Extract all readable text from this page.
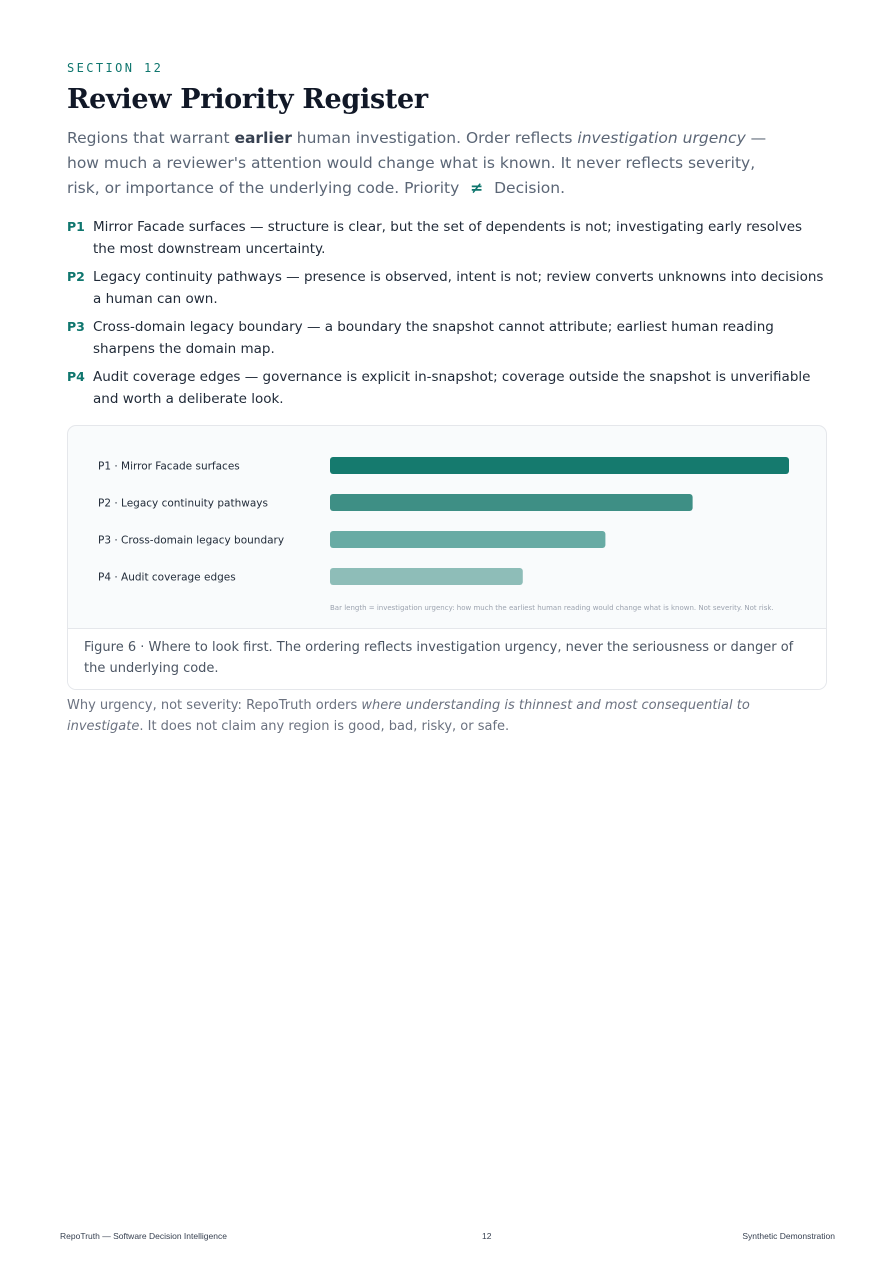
SECTION 12
Review Priority Register

Regions that warrant earlier human investigation. Order reflects investigation urgency — how much a reviewer's attention would change what is known. It never reflects severity, risk, or importance of the underlying code. Priority ≠ Decision.

P1 Mirror Facade surfaces — structure is clear, but the set of dependents is not; investigating early resolves the most downstream uncertainty.
P2 Legacy continuity pathways — presence is observed, intent is not; review converts unknowns into decisions a human can own.
P3 Cross-domain legacy boundary — a boundary the snapshot cannot attribute; earliest human reading sharpens the domain map.
P4 Audit coverage edges — governance is explicit in-snapshot; coverage outside the snapshot is unverifiable and worth a deliberate look.
P1 · Mirror Facade surfaces
P2 · Legacy continuity pathways
P3 · Cross-domain legacy boundary
P4 · Audit coverage edges
Bar length = investigation urgency: how much the earliest human reading would change what is known. Not severity. Not risk.
Figure 6 · Where to look first. The ordering reflects investigation urgency, never the seriousness or danger of the underlying code.

Why urgency, not severity: RepoTruth orders where understanding is thinnest and most consequential to investigate. It does not claim any region is good, bad, risky, or safe.

RepoTruth — Software Decision Intelligence	12	Synthetic Demonstration
